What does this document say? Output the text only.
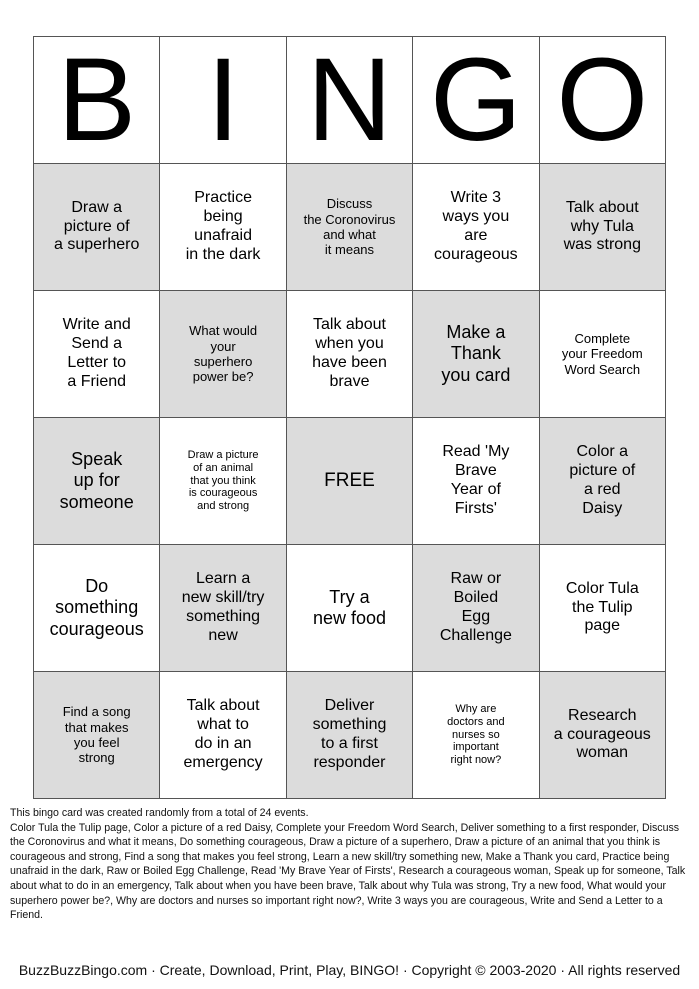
B	I	N	G	O

Draw a
picture of
a superhero	Practice
being
unafraid
in the dark	Discuss
the Coronovirus
and what
it means	Write 3
ways you
are
courageous	Talk about
why Tula
was strong

Write and
Send a
Letter to
a Friend	What would
your
superhero
power be?	Talk about
when you
have been
brave	Make a
Thank
you card	Complete
your Freedom
Word Search

Speak
up for
someone	Draw a picture
of an animal
that you think
is courageous
and strong	FREE	Read 'My
Brave
Year of
Firsts'	Color a
picture of
a red
Daisy

Do
something
courageous	Learn a
new skill/try
something
new	Try a
new food	Raw or
Boiled
Egg
Challenge	Color Tula
the Tulip
page

Find a song
that makes
you feel
strong	Talk about
what to
do in an
emergency	Deliver
something
to a first
responder	Why are
doctors and
nurses so
important
right now?	Research
a courageous
woman

This bingo card was created randomly from a total of 24 events.

Color Tula the Tulip page, Color a picture of a red Daisy, Complete your Freedom Word Search, Deliver something to a first responder, Discuss the Coronovirus and what it means, Do something courageous, Draw a picture of a superhero, Draw a picture of an animal that you think is courageous and strong, Find a song that makes you feel strong, Learn a new skill/try something new, Make a Thank you card, Practice being unafraid in the dark, Raw or Boiled Egg Challenge, Read 'My Brave Year of Firsts', Research a courageous woman, Speak up for someone, Talk about what to do in an emergency, Talk about when you have been brave, Talk about why Tula was strong, Try a new food, What would your superhero power be?, Why are doctors and nurses so important right now?, Write 3 ways you are courageous, Write and Send a Letter to a Friend.

BuzzBuzzBingo.com · Create, Download, Print, Play, BINGO! · Copyright © 2003-2020 · All rights reserved
